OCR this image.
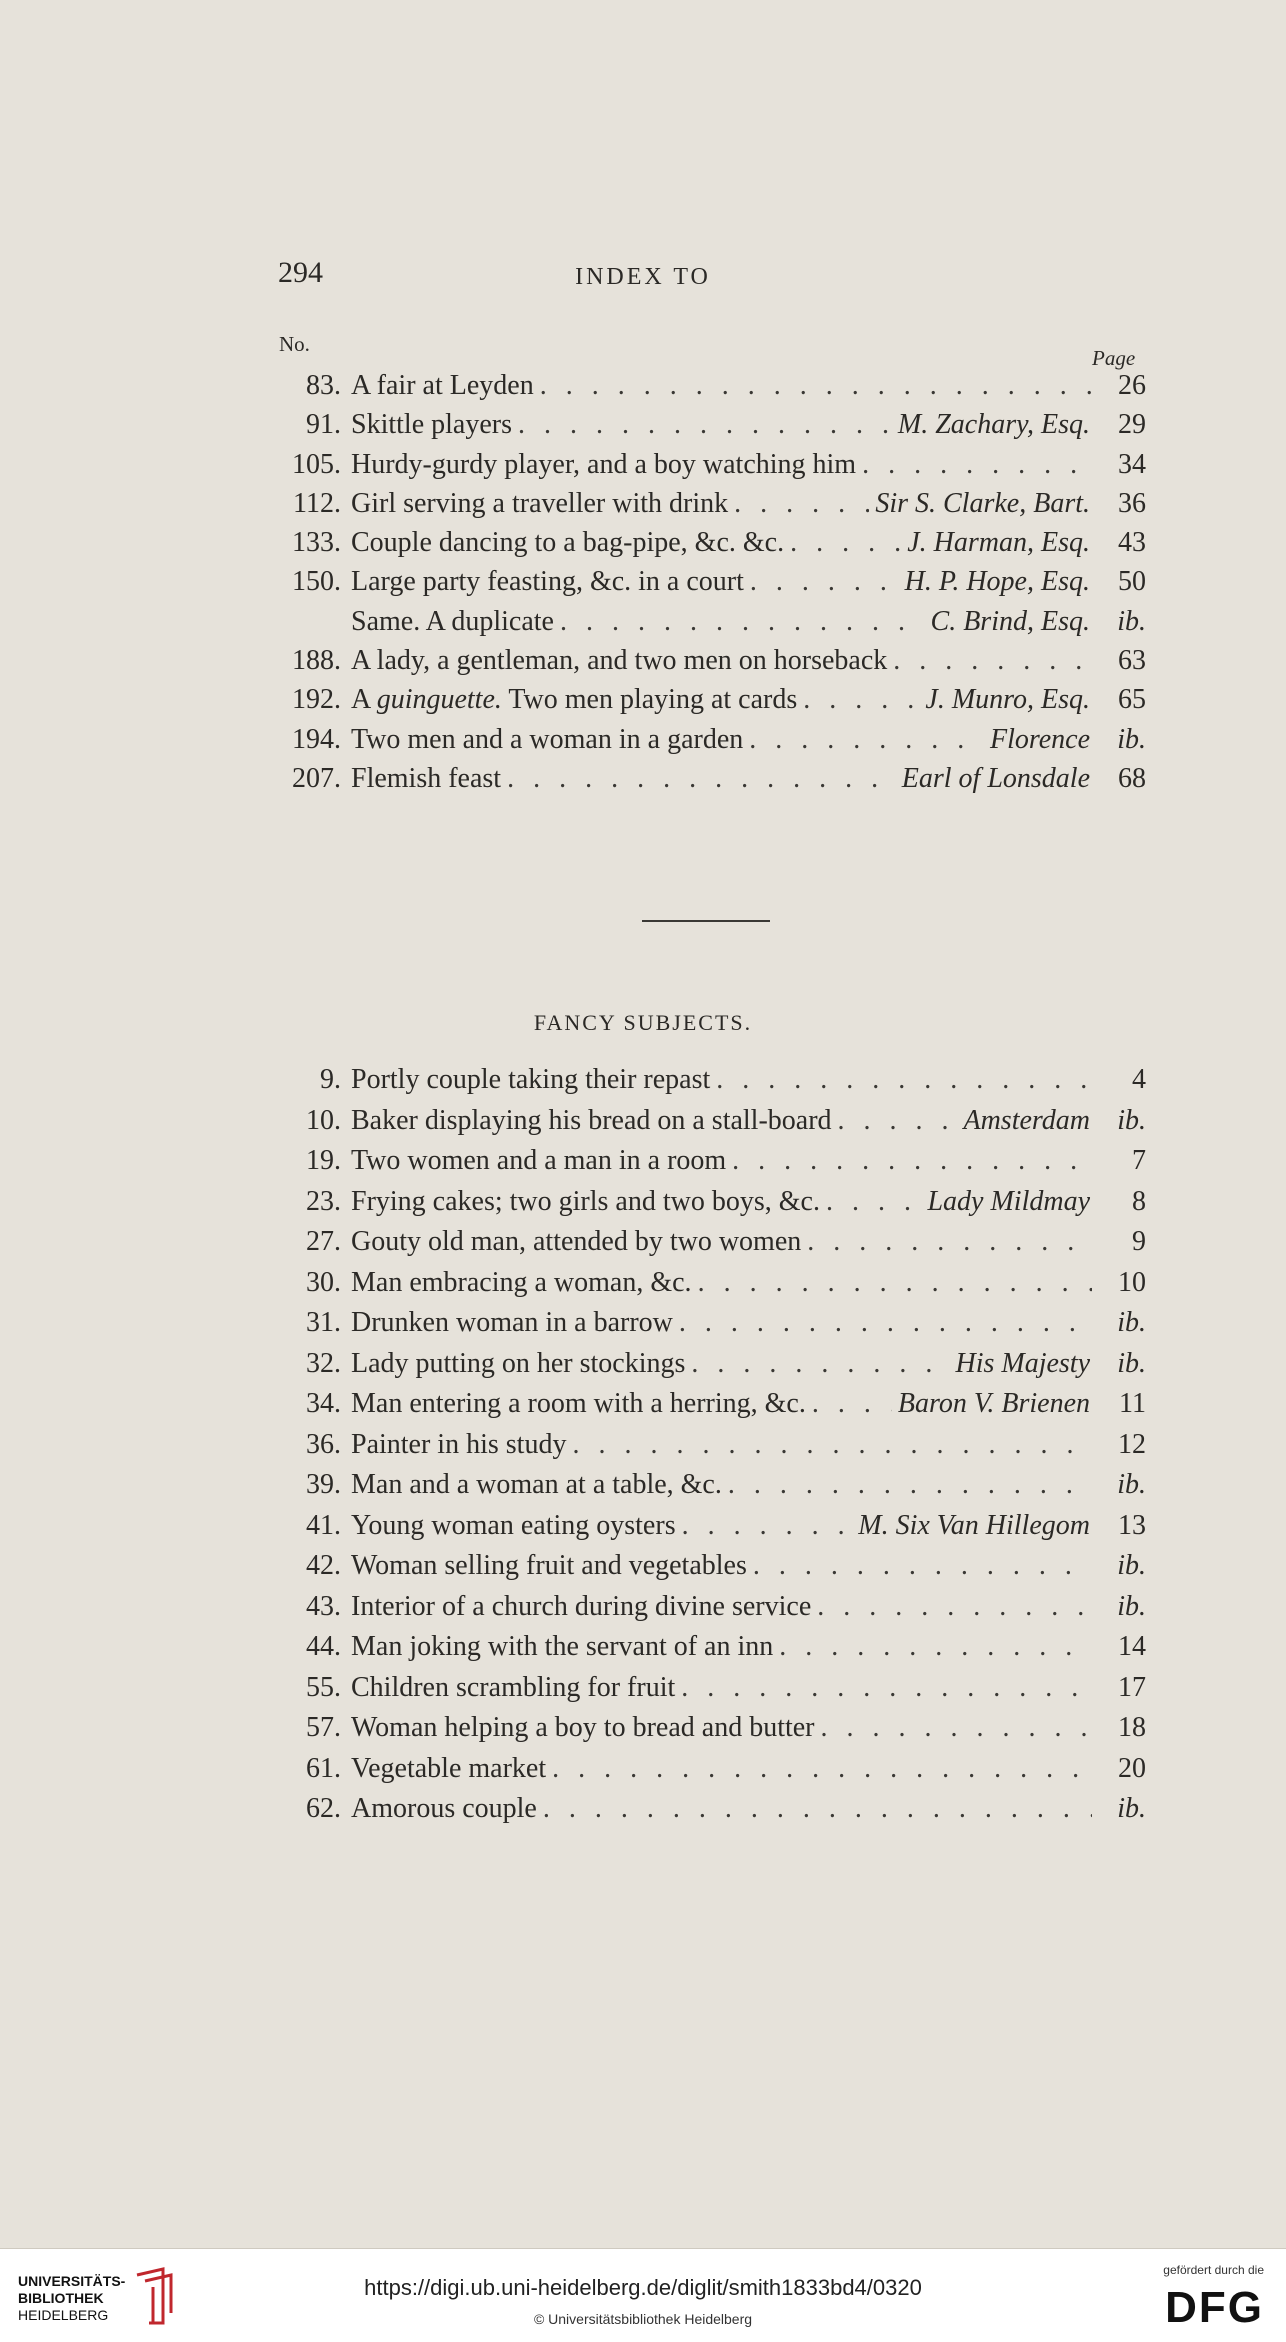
294	INDEX TO
No.
Page
83. A fair at Leyden . . .	26
91. Skittle players . . .	M. Zachary, Esq.	29
105. Hurdy-gurdy player, and a boy watching him . . .	34
112. Girl serving a traveller with drink . . .	Sir S. Clarke, Bart.	36
133. Couple dancing to a bag-pipe, &c. &c. . . .	J. Harman, Esq.	43
150. Large party feasting, &c. in a court . . .	H. P. Hope, Esq.	50
Same. A duplicate . . .	C. Brind, Esq. ib.
188. A lady, a gentleman, and two men on horseback . . .	63
192. A guinguette. Two men playing at cards . . .	J. Munro, Esq.	65
194. Two men and a woman in a garden . . .	Florence ib.
207. Flemish feast . . .	Earl of Lonsdale	68
FANCY SUBJECTS.
9. Portly couple taking their repast . . .	4
10. Baker displaying his bread on a stall-board . . .	Amsterdam ib.
19. Two women and a man in a room . . .	7
23. Frying cakes; two girls and two boys, &c. . . .	Lady Mildmay	8
27. Gouty old man, attended by two women . . .	9
30. Man embracing a woman, &c. . . .	10
31. Drunken woman in a barrow . . .	ib.
32. Lady putting on her stockings . . .	His Majesty ib.
34. Man entering a room with a herring, &c. . . .	Baron V. Brienen	11
36. Painter in his study . . .	12
39. Man and a woman at a table, &c. . . .	ib.
41. Young woman eating oysters . . .	M. Six Van Hillegom	13
42. Woman selling fruit and vegetables . . .	ib.
43. Interior of a church during divine service . . .	ib.
44. Man joking with the servant of an inn . . .	14
55. Children scrambling for fruit . . .	17
57. Woman helping a boy to bread and butter . . .	18
61. Vegetable market . . .	20
62. Amorous couple . . .	ib.
UNIVERSITÄTS-
BIBLIOTHEK
HEIDELBERG
https://digi.ub.uni-heidelberg.de/diglit/smith1833bd4/0320
© Universitätsbibliothek Heidelberg
gefördert durch die
DFG
